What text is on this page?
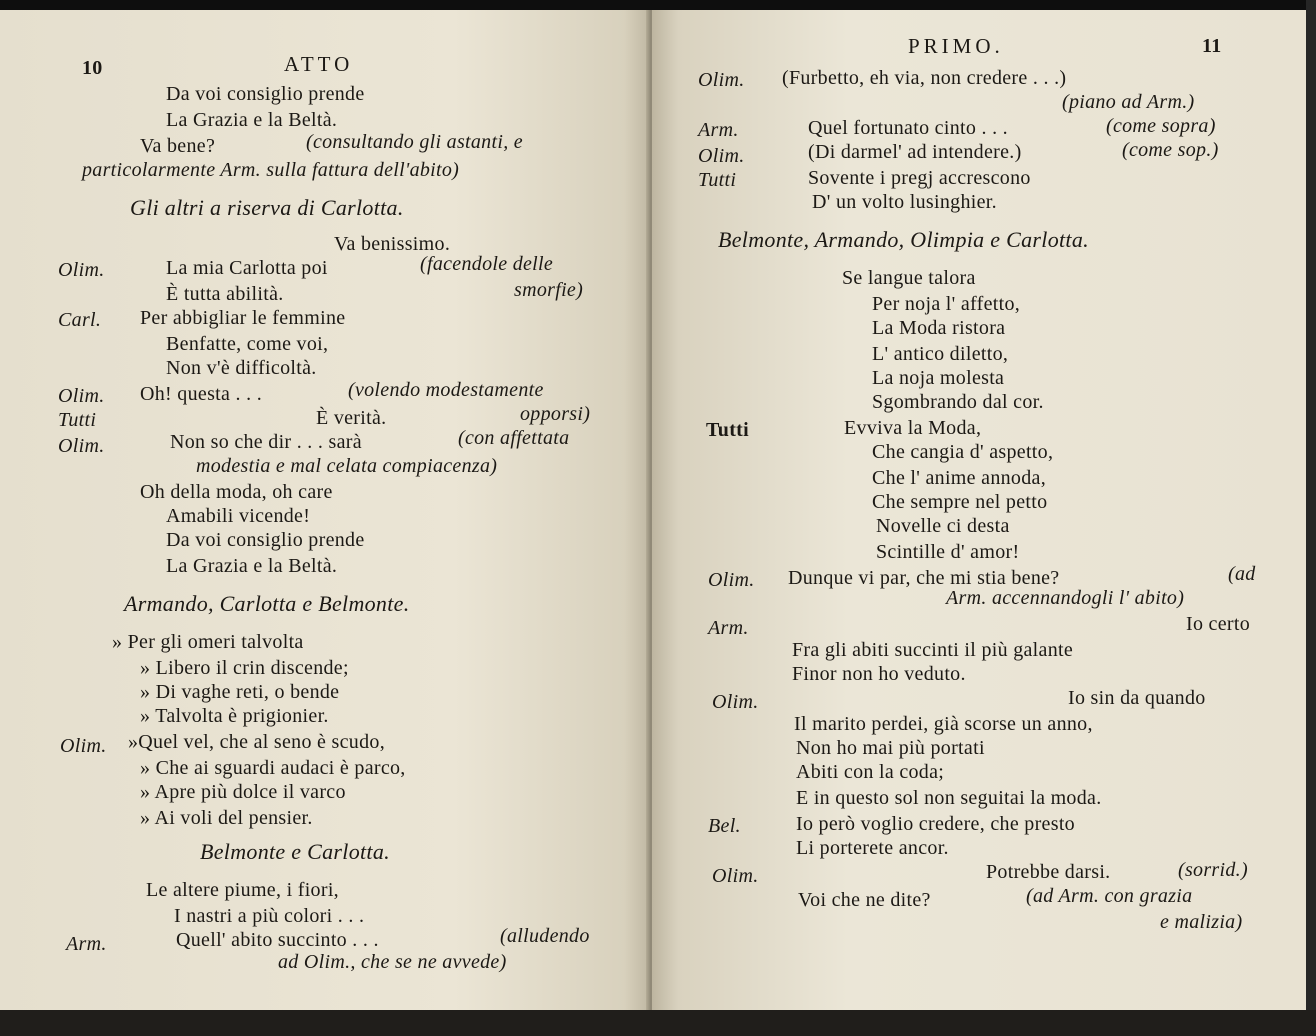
10	ATTO
Da voi consiglio prende
La Grazia e la Beltà.
Va bene?	(consultando gli astanti, e
particolarmente Arm. sulla fattura dell'abito)
Gli altri a riserva di Carlotta.
Va benissimo.
Olim.	La mia Carlotta poi	(facendole delle
È tutta abilità.	smorfie)
Carl. Per abbigliar le femmine
Benfatte, come voi,
Non v'è difficoltà.
Olim. Oh! questa . . .	(volendo modestamente
Tutti	È verità.	opporsi)
Olim.	Non so che dir . . . sarà	(con affettata
modestia e mal celata compiacenza)
Oh della moda, oh care
Amabili vicende!
Da voi consiglio prende
La Grazia e la Beltà.
Armando, Carlotta e Belmonte.
» Per gli omeri talvolta
» Libero il crin discende;
» Di vaghe reti, o bende
» Talvolta è prigionier.
Olim. »Quel vel, che al seno è scudo,
» Che ai sguardi audaci è parco,
» Apre più dolce il varco
» Ai voli del pensier.
Belmonte e Carlotta.
Le altere piume, i fiori,
I nastri a più colori . . .
Arm.	Quell' abito succinto . . .	(alludendo
ad Olim., che se ne avvede)
PRIMO.	11
Olim. (Furbetto, eh via, non credere . . .)
(piano ad Arm.)
Arm.	Quel fortunato cinto . . .	(come sopra)
Olim.	(Di darmel' ad intendere.)	(come sop.)
Tutti	Sovente i pregj accrescono
D' un volto lusinghier.
Belmonte, Armando, Olimpia e Carlotta.
Se langue talora
Per noja l' affetto,
La Moda ristora
L' antico diletto,
La noja molesta
Sgombrando dal cor.
Tutti	Evviva la Moda,
Che cangia d' aspetto,
Che l' anime annoda,
Che sempre nel petto
Novelle ci desta
Scintille d' amor!
Olim. Dunque vi par, che mi stia bene?	(ad
Arm. accennandogli l' abito)
Arm.	Io certo
Fra gli abiti succinti il più galante
Finor non ho veduto.
Olim.	Io sin da quando
Il marito perdei, già scorse un anno,
Non ho mai più portati
Abiti con la coda;
E in questo sol non seguitai la moda.
Bel.	Io però voglio credere, che presto
Li porterete ancor.
Olim.	Potrebbe darsi.	(sorrid.)
Voi che ne dite?	(ad Arm. con grazia
e malizia)
